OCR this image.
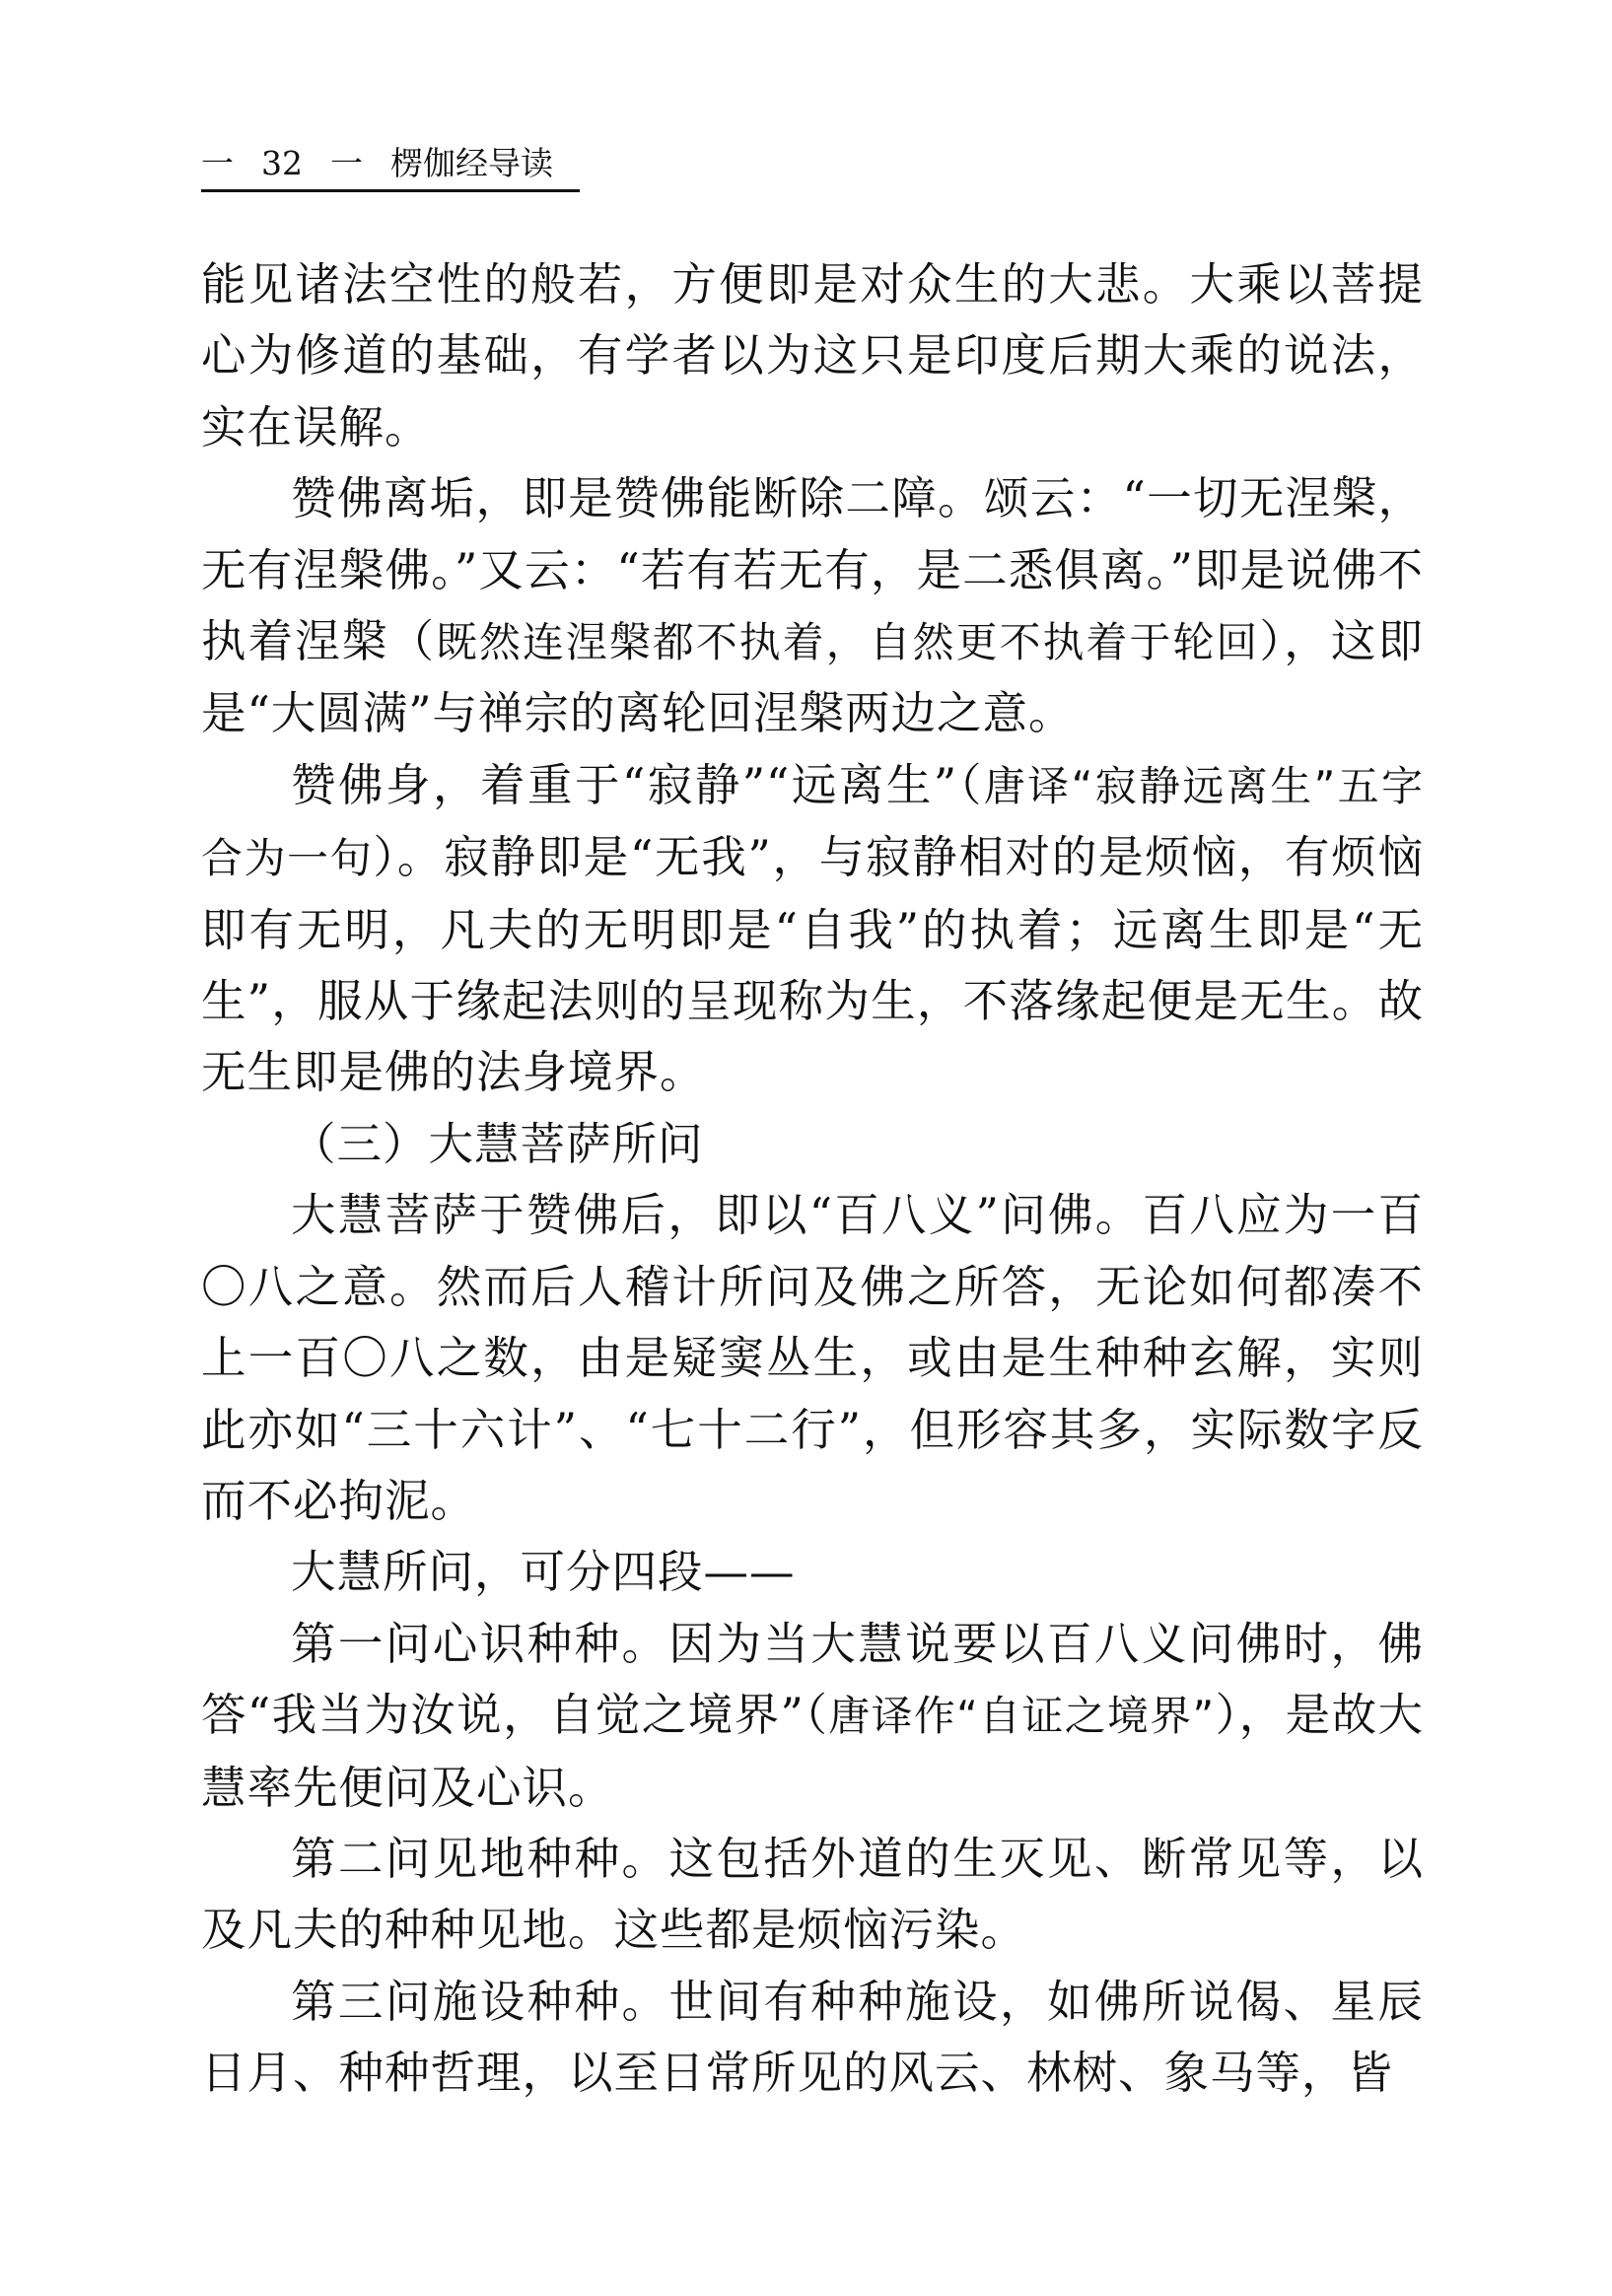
一 32 一 楞伽经导读

能见诸法空性的般若，方便即是对众生的大悲。大乘以菩提心为修道的基础，有学者以为这只是印度后期大乘的说法，实在误解。

赞佛离垢，即是赞佛能断除二障。颂云：“一切无涅槃，无有涅槃佛。”又云：“若有若无有，是二悉俱离。”即是说佛不执着涅槃（既然连涅槃都不执着，自然更不执着于轮回），这即是“大圆满”与禅宗的离轮回涅槃两边之意。

赞佛身，着重于“寂静”“远离生”（唐译“寂静远离生”五字合为一句）。寂静即是“无我”，与寂静相对的是烦恼，有烦恼即有无明，凡夫的无明即是“自我”的执着；远离生即是“无生”，服从于缘起法则的呈现称为生，不落缘起便是无生。故无生即是佛的法身境界。

（三）大慧菩萨所问

大慧菩萨于赞佛后，即以“百八义”问佛。百八应为一百〇八之意。然而后人稽计所问及佛之所答，无论如何都凑不上一百〇八之数，由是疑窦丛生，或由是生种种玄解，实则此亦如“三十六计”、“七十二行”，但形容其多，实际数字反而不必拘泥。

大慧所问，可分四段——

第一问心识种种。因为当大慧说要以百八义问佛时，佛答“我当为汝说，自觉之境界”（唐译作“自证之境界”），是故大慧率先便问及心识。

第二问见地种种。这包括外道的生灭见、断常见等，以及凡夫的种种见地。这些都是烦恼污染。

第三问施设种种。世间有种种施设，如佛所说偈、星辰日月、种种哲理，以至日常所见的风云、林树、象马等，皆
